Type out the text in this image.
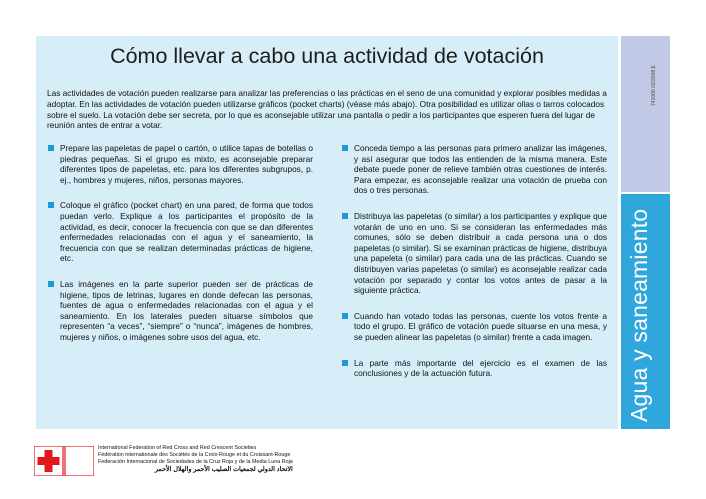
Cómo llevar a cabo una actividad de votación
Las actividades de votación pueden realizarse para analizar las preferencias o las prácticas en el seno de una comunidad y explorar posibles medidas a adoptar. En las actividades de votación pueden utilizarse gráficos (pocket charts) (véase más abajo). Otra posibilidad es utilizar ollas o tarros colocados sobre el suelo. La votación debe ser secreta, por lo que es aconsejable utilizar una pantalla o pedir a los participantes que esperen fuera del lugar de reunión antes de entrar a votar.
Prepare las papeletas de papel o cartón, o utilice tapas de botellas o piedras pequeñas. Si el grupo es mixto, es aconsejable preparar diferentes tipos de papeletas, etc. para los diferentes subgrupos, p. ej., hombres y mujeres, niños, personas mayores.
Coloque el gráfico (pocket chart) en una pared, de forma que todos puedan verlo. Explique a los participantes el propósito de la actividad, es decir, conocer la frecuencia con que se dan diferentes enfermedades relacionadas con el agua y el saneamiento, la frecuencia con que se realizan determinadas prácticas de higiene, etc.
Las imágenes en la parte superior pueden ser de prácticas de higiene, tipos de letrinas, lugares en donde defecan las personas, fuentes de agua o enfermedades relacionadas con el agua y el saneamiento. En los laterales pueden situarse símbolos que representen “a veces”, “siempre” o “nunca”, imágenes de hombres, mujeres y niños, o imágenes sobre usos del agua, etc.
Conceda tiempo a las personas para primero analizar las imágenes, y así asegurar que todos las entienden de la misma manera. Este debate puede poner de relieve también otras cuestiones de interés. Para empezar, es aconsejable realizar una votación de prueba con dos o tres personas.
Distribuya las papeletas (o similar) a los participantes y explique que votarán de uno en uno. Si se consideran las enfermedades más comunes, sólo se deben distribuir a cada persona una o dos papeletas (o similar). Si se examinan prácticas de higiene, distribuya una papeleta (o similar) para cada una de las prácticas. Cuando se distribuyen varias papeletas (o similar) es aconsejable realizar cada votación por separado y contar los votos antes de pasar a la siguiente práctica.
Cuando han votado todas las personas, cuente los votos frente a todo el grupo. El gráfico de votación puede situarse en una mesa, y se pueden alinear las papeletas (o similar) frente a cada imagen.
La parte más importante del ejercicio es el examen de las conclusiones y de la actuación futura.
741000 02/2008 E
Agua y saneamiento
International Federation of Red Cross and Red Crescent Societies
Fédération internationale des Sociétés de la Croix-Rouge et du Croissant-Rouge
Federación Internacional de Sociedades de la Cruz Roja y de la Media Luna Roja
الاتحاد الدولي لجمعيات الصليب الأحمر والهلال الأحمر
